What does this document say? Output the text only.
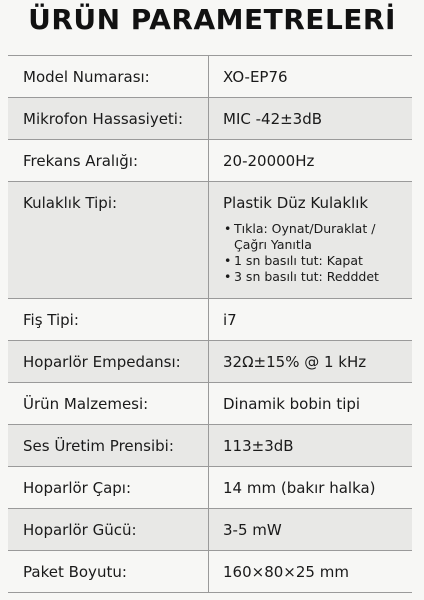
ÜRÜN PARAMETRELERİ
Model Numarası:	XO-EP76
Mikrofon Hassasiyeti:	MIC -42±3dB
Frekans Aralığı:	20-20000Hz
Kulaklık Tipi:	Plastik Düz Kulaklık
• Tıkla: Oynat/Duraklat / Çağrı Yanıtla
• 1 sn basılı tut: Kapat
• 3 sn basılı tut: Redddet
Fiş Tipi:	i7
Hoparlör Empedansı:	32Ω±15% @ 1 kHz
Ürün Malzemesi:	Dinamik bobin tipi
Ses Üretim Prensibi:	113±3dB
Hoparlör Çapı:	14 mm (bakır halka)
Hoparlör Gücü:	3-5 mW
Paket Boyutu:	160×80×25 mm
